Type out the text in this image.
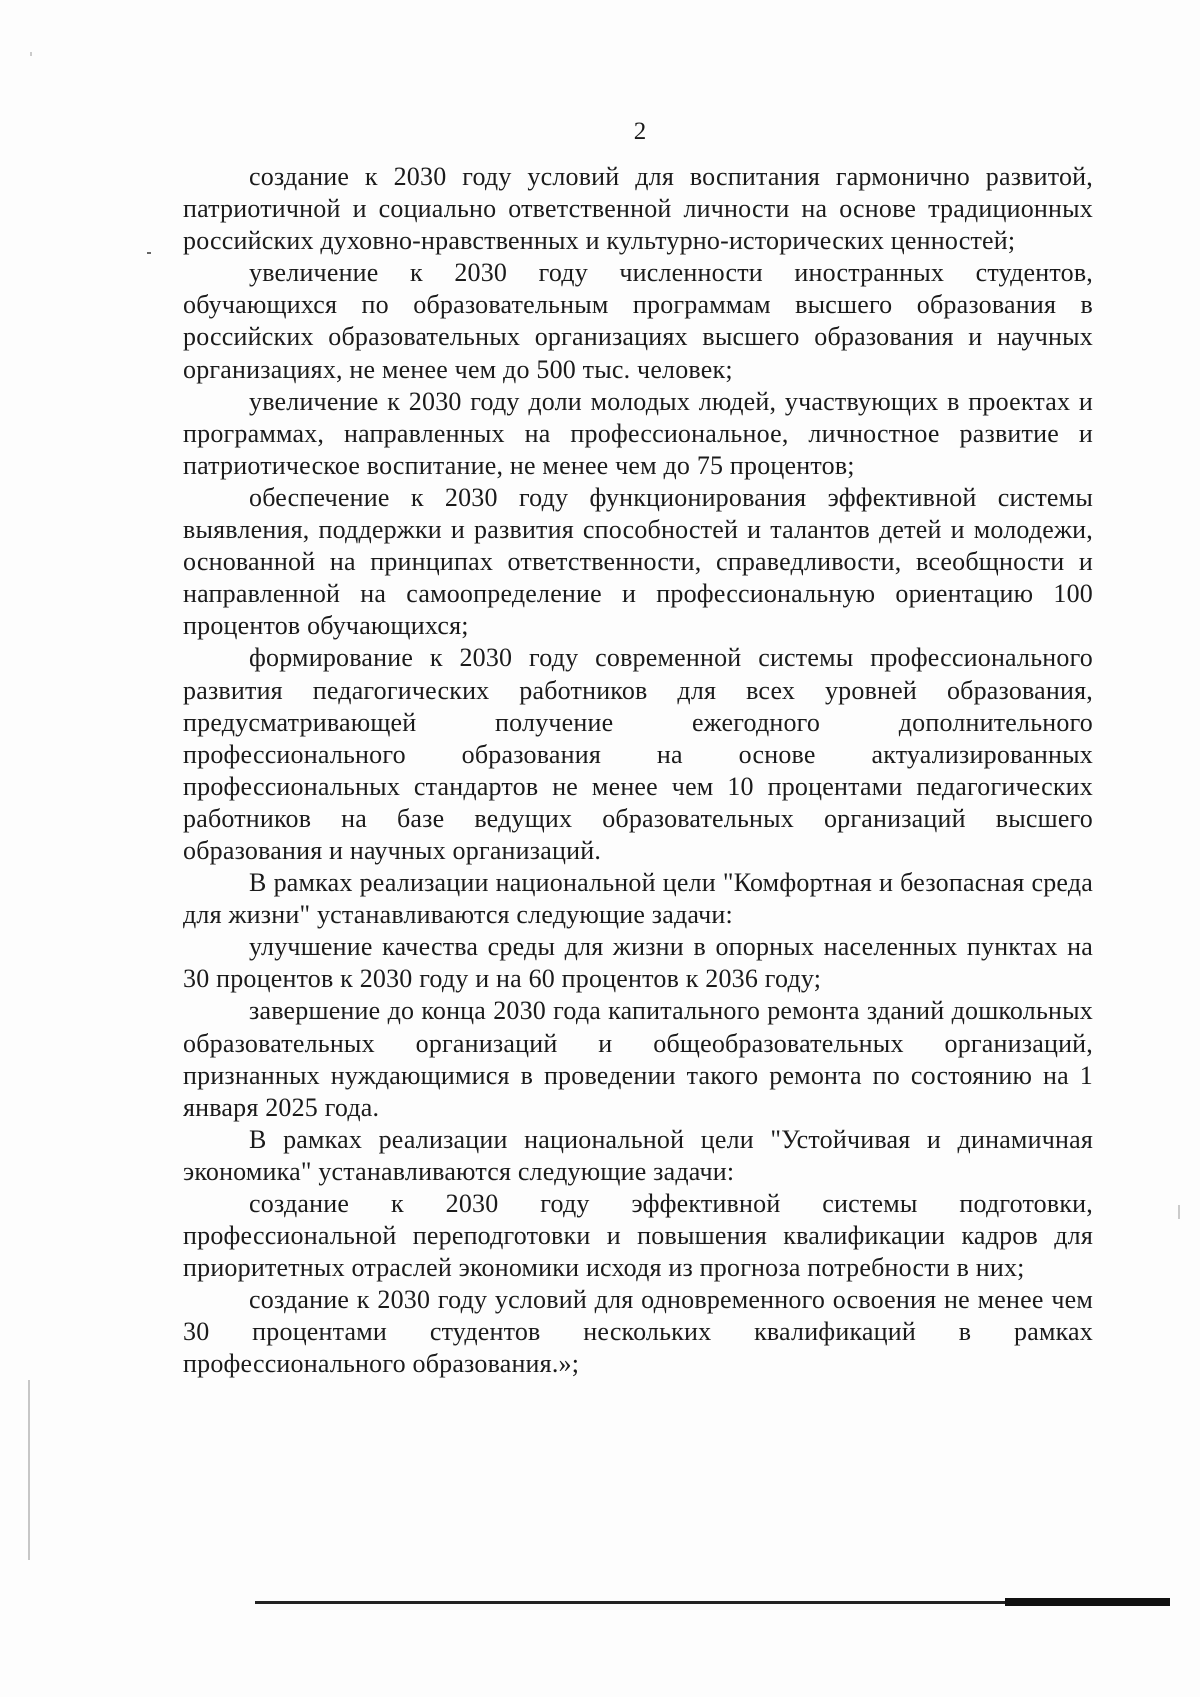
2

создание к 2030 году условий для воспитания гармонично развитой, патриотичной и социально ответственной личности на основе традиционных российских духовно-нравственных и культурно-исторических ценностей;

увеличение к 2030 году численности иностранных студентов, обучающихся по образовательным программам высшего образования в российских образовательных организациях высшего образования и научных организациях, не менее чем до 500 тыс. человек;

увеличение к 2030 году доли молодых людей, участвующих в проектах и программах, направленных на профессиональное, личностное развитие и патриотическое воспитание, не менее чем до 75 процентов;

обеспечение к 2030 году функционирования эффективной системы выявления, поддержки и развития способностей и талантов детей и молодежи, основанной на принципах ответственности, справедливости, всеобщности и направленной на самоопределение и профессиональную ориентацию 100 процентов обучающихся;

формирование к 2030 году современной системы профессионального развития педагогических работников для всех уровней образования, предусматривающей получение ежегодного дополнительного профессионального образования на основе актуализированных профессиональных стандартов не менее чем 10 процентами педагогических работников на базе ведущих образовательных организаций высшего образования и научных организаций.

В рамках реализации национальной цели "Комфортная и безопасная среда для жизни" устанавливаются следующие задачи:

улучшение качества среды для жизни в опорных населенных пунктах на 30 процентов к 2030 году и на 60 процентов к 2036 году;

завершение до конца 2030 года капитального ремонта зданий дошкольных образовательных организаций и общеобразовательных организаций, признанных нуждающимися в проведении такого ремонта по состоянию на 1 января 2025 года.

В рамках реализации национальной цели "Устойчивая и динамичная экономика" устанавливаются следующие задачи:

создание к 2030 году эффективной системы подготовки, профессиональной переподготовки и повышения квалификации кадров для приоритетных отраслей экономики исходя из прогноза потребности в них;

создание к 2030 году условий для одновременного освоения не менее чем 30 процентами студентов нескольких квалификаций в рамках профессионального образования.»;
